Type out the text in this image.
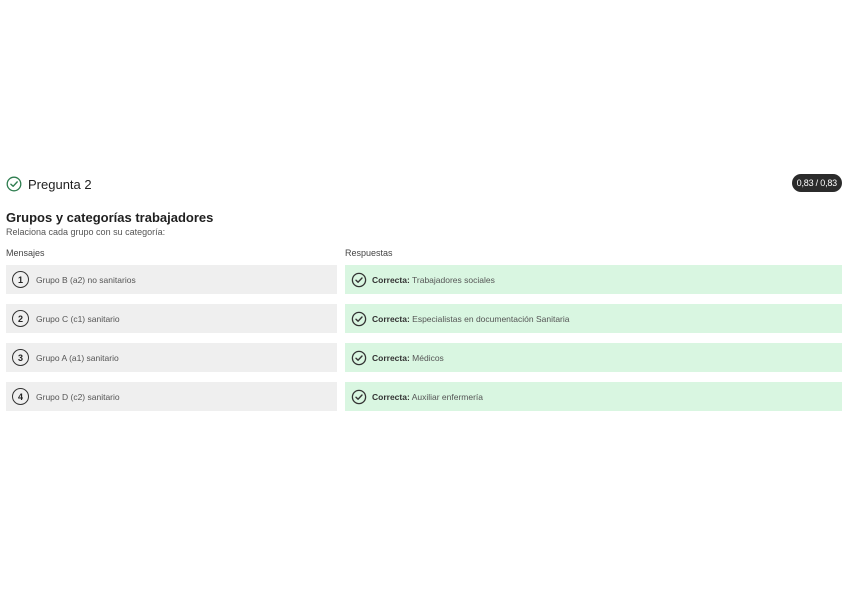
Pregunta 2	0,83 / 0,83
Grupos y categorías trabajadores
Relaciona cada grupo con su categoría:
Mensajes	Respuestas
1	Grupo B (a2) no sanitarios	Correcta: Trabajadores sociales
2	Grupo C (c1) sanitario	Correcta: Especialistas en documentación Sanitaria
3	Grupo A (a1) sanitario	Correcta: Médicos
4	Grupo D (c2) sanitario	Correcta: Auxiliar enfermería
